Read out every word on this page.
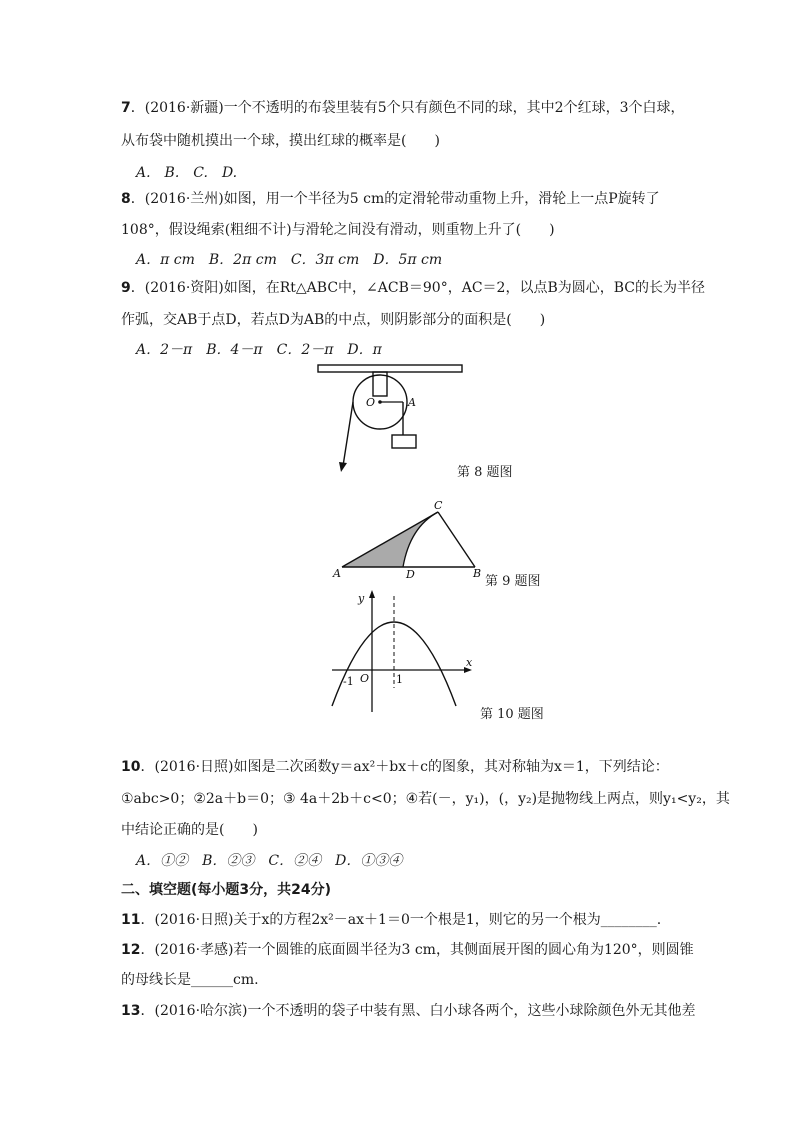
7．(2016·新疆)一个不透明的布袋里装有5个只有颜色不同的球，其中2个红球，3个白球，
从布袋中随机摸出一个球，摸出红球的概率是(　　)
A.　B.　C.　D.
8．(2016·兰州)如图，用一个半径为5 cm的定滑轮带动重物上升，滑轮上一点P旋转了
108°，假设绳索(粗细不计)与滑轮之间没有滑动，则重物上升了(　　)
A．π cm　B．2π cm　C．3π cm　D．5π cm
9．(2016·资阳)如图，在Rt△ABC中，∠ACB＝90°，AC＝2，以点B为圆心，BC的长为半径
作弧，交AB于点D，若点D为AB的中点，则阴影部分的面积是(　　)
A．2－π　B．4－π　C．2－π　D．π
O	A
第 8 题图
A	B
C
D	第 9 题图
y
x
O
-1	1
第 10 题图
10．(2016·日照)如图是二次函数y＝ax²＋bx＋c的图象，其对称轴为x＝1，下列结论：
①abc>0；②2a＋b＝0；③ 4a＋2b＋c<0；④若(－，y₁)，(，y₂)是抛物线上两点，则y₁<y₂，其
中结论正确的是(　　)
A．①②　B．②③　C．②④　D．①③④
二、填空题(每小题3分，共24分)
11．(2016·日照)关于x的方程2x²－ax＋1＝0一个根是1，则它的另一个根为________.
12．(2016·孝感)若一个圆锥的底面圆半径为3 cm，其侧面展开图的圆心角为120°，则圆锥
的母线长是______cm.
13．(2016·哈尔滨)一个不透明的袋子中装有黑、白小球各两个，这些小球除颜色外无其他差
